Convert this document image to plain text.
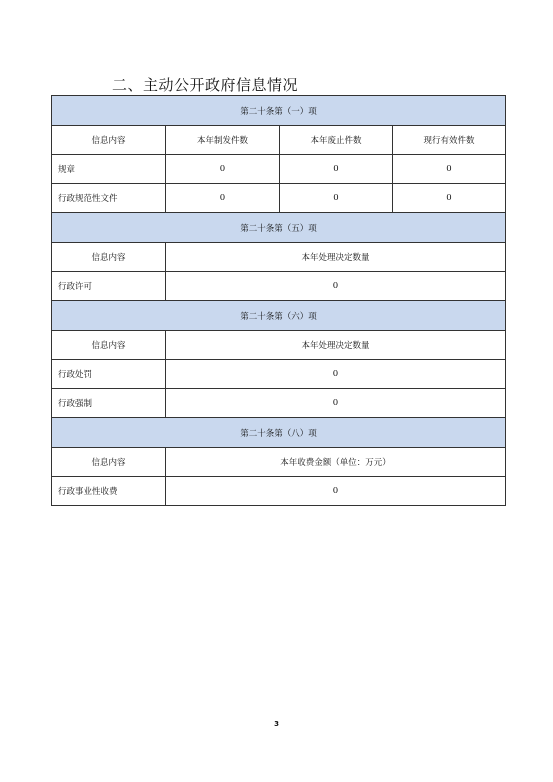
二、主动公开政府信息情况
第二十条第（一）项			
信息内容	本年制发件数	本年废止件数	现行有效件数
规章	0	0	0
行政规范性文件	0	0	0
第二十条第（五）项			
信息内容	本年处理决定数量		
行政许可	0		
第二十条第（六）项			
信息内容	本年处理决定数量		
行政处罚	0		
行政强制	0		
第二十条第（八）项			
信息内容	本年收费金额（单位：万元）		
行政事业性收费	0		
3
